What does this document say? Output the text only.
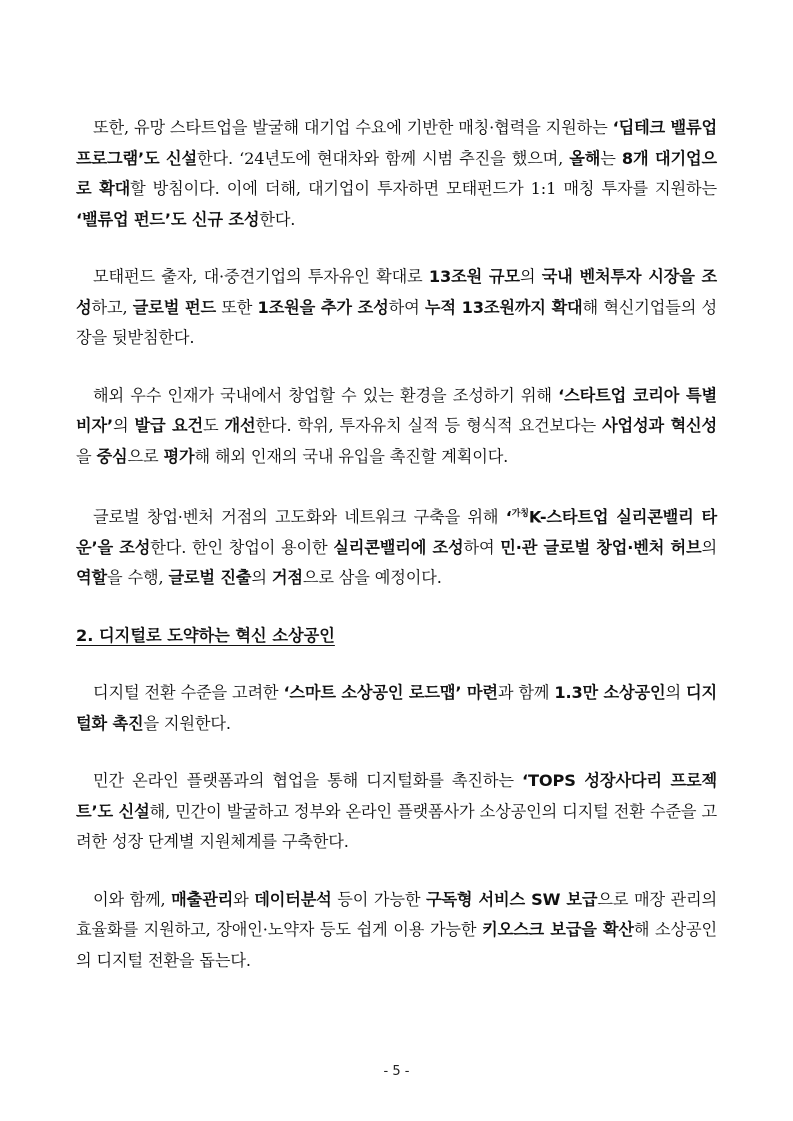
또한, 유망 스타트업을 발굴해 대기업 수요에 기반한 매칭·협력을 지원하는 ‘딥테크 밸류업 프로그램’도 신설한다. ‘24년도에 현대차와 함께 시범 추진을 했으며, 올해는 8개 대기업으로 확대할 방침이다. 이에 더해, 대기업이 투자하면 모태펀드가 1:1 매칭 투자를 지원하는 ‘밸류업 펀드’도 신규 조성한다.

모태펀드 출자, 대·중견기업의 투자유인 확대로 13조원 규모의 국내 벤처투자 시장을 조성하고, 글로벌 펀드 또한 1조원을 추가 조성하여 누적 13조원까지 확대해 혁신기업들의 성장을 뒷받침한다.

해외 우수 인재가 국내에서 창업할 수 있는 환경을 조성하기 위해 ‘스타트업 코리아 특별비자’의 발급 요건도 개선한다. 학위, 투자유치 실적 등 형식적 요건보다는 사업성과 혁신성을 중심으로 평가해 해외 인재의 국내 유입을 촉진할 계획이다.

글로벌 창업·벤처 거점의 고도화와 네트워크 구축을 위해 ‘$^{가칭}$K-스타트업 실리콘밸리 타운’을 조성한다. 한인 창업이 용이한 실리콘밸리에 조성하여 민·관 글로벌 창업·벤처 허브의 역할을 수행, 글로벌 진출의 거점으로 삼을 예정이다.

2. 디지털로 도약하는 혁신 소상공인

디지털 전환 수준을 고려한 ‘스마트 소상공인 로드맵’ 마련과 함께 1.3만 소상공인의 디지털화 촉진을 지원한다.

민간 온라인 플랫폼과의 협업을 통해 디지털화를 촉진하는 ‘TOPS 성장사다리 프로젝트’도 신설해, 민간이 발굴하고 정부와 온라인 플랫폼사가 소상공인의 디지털 전환 수준을 고려한 성장 단계별 지원체계를 구축한다.

이와 함께, 매출관리와 데이터분석 등이 가능한 구독형 서비스 SW 보급으로 매장 관리의 효율화를 지원하고, 장애인·노약자 등도 쉽게 이용 가능한 키오스크 보급을 확산해 소상공인의 디지털 전환을 돕는다.

- 5 -
